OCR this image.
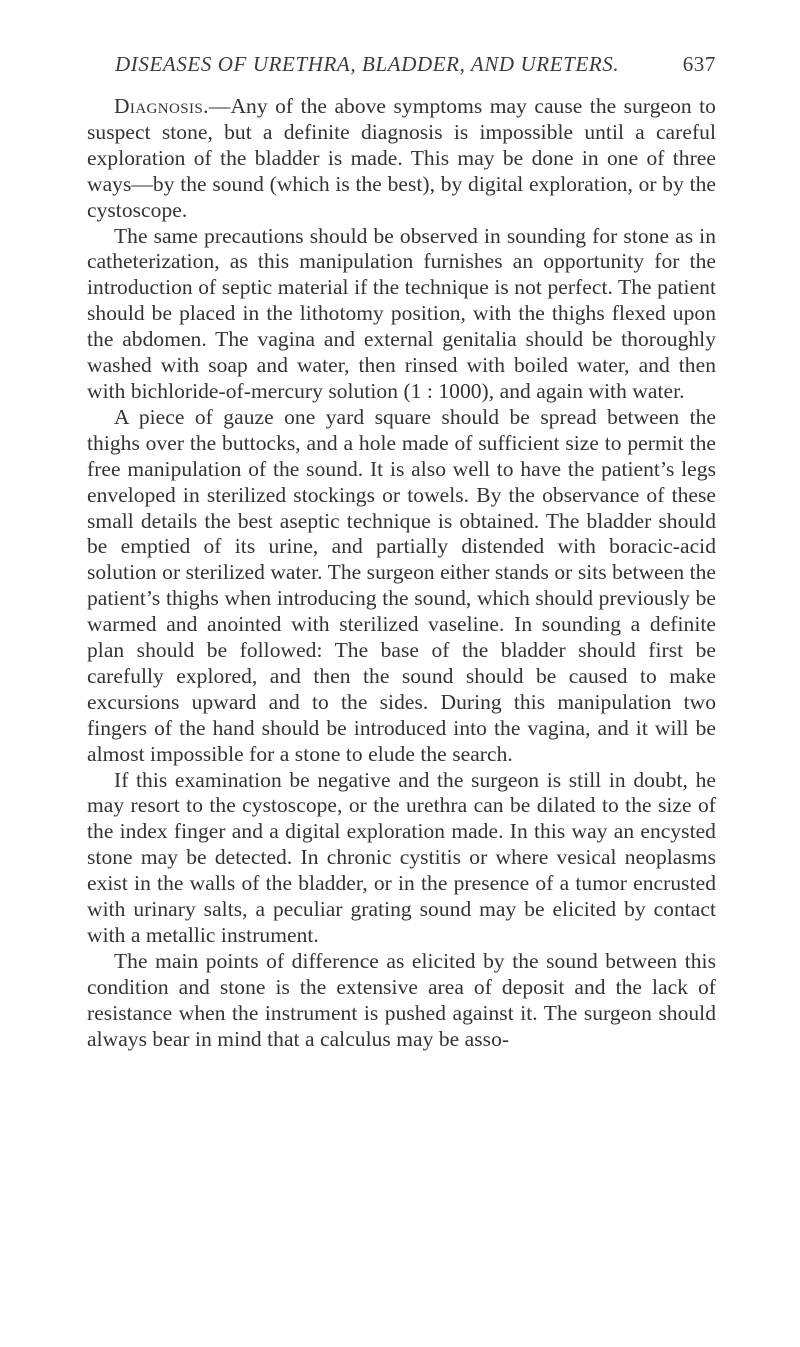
DISEASES OF URETHRA, BLADDER, AND URETERS.	637

Diagnosis.—Any of the above symptoms may cause the surgeon to suspect stone, but a definite diagnosis is impossible until a careful exploration of the bladder is made. This may be done in one of three ways—by the sound (which is the best), by digital exploration, or by the cystoscope.

The same precautions should be observed in sounding for stone as in catheterization, as this manipulation furnishes an opportunity for the introduction of septic material if the technique is not perfect. The patient should be placed in the lithotomy position, with the thighs flexed upon the abdomen. The vagina and external genitalia should be thoroughly washed with soap and water, then rinsed with boiled water, and then with bichloride-of-mercury solution (1 : 1000), and again with water.

A piece of gauze one yard square should be spread between the thighs over the buttocks, and a hole made of sufficient size to permit the free manipulation of the sound. It is also well to have the patient’s legs enveloped in sterilized stockings or towels. By the observance of these small details the best aseptic technique is obtained. The bladder should be emptied of its urine, and partially distended with boracic-acid solution or sterilized water. The surgeon either stands or sits between the patient’s thighs when introducing the sound, which should previously be warmed and anointed with sterilized vaseline. In sounding a definite plan should be followed: The base of the bladder should first be carefully explored, and then the sound should be caused to make excursions upward and to the sides. During this manipulation two fingers of the hand should be introduced into the vagina, and it will be almost impossible for a stone to elude the search.

If this examination be negative and the surgeon is still in doubt, he may resort to the cystoscope, or the urethra can be dilated to the size of the index finger and a digital exploration made. In this way an encysted stone may be detected. In chronic cystitis or where vesical neoplasms exist in the walls of the bladder, or in the presence of a tumor encrusted with urinary salts, a peculiar grating sound may be elicited by contact with a metallic instrument.

The main points of difference as elicited by the sound between this condition and stone is the extensive area of deposit and the lack of resistance when the instrument is pushed against it. The surgeon should always bear in mind that a calculus may be asso-
